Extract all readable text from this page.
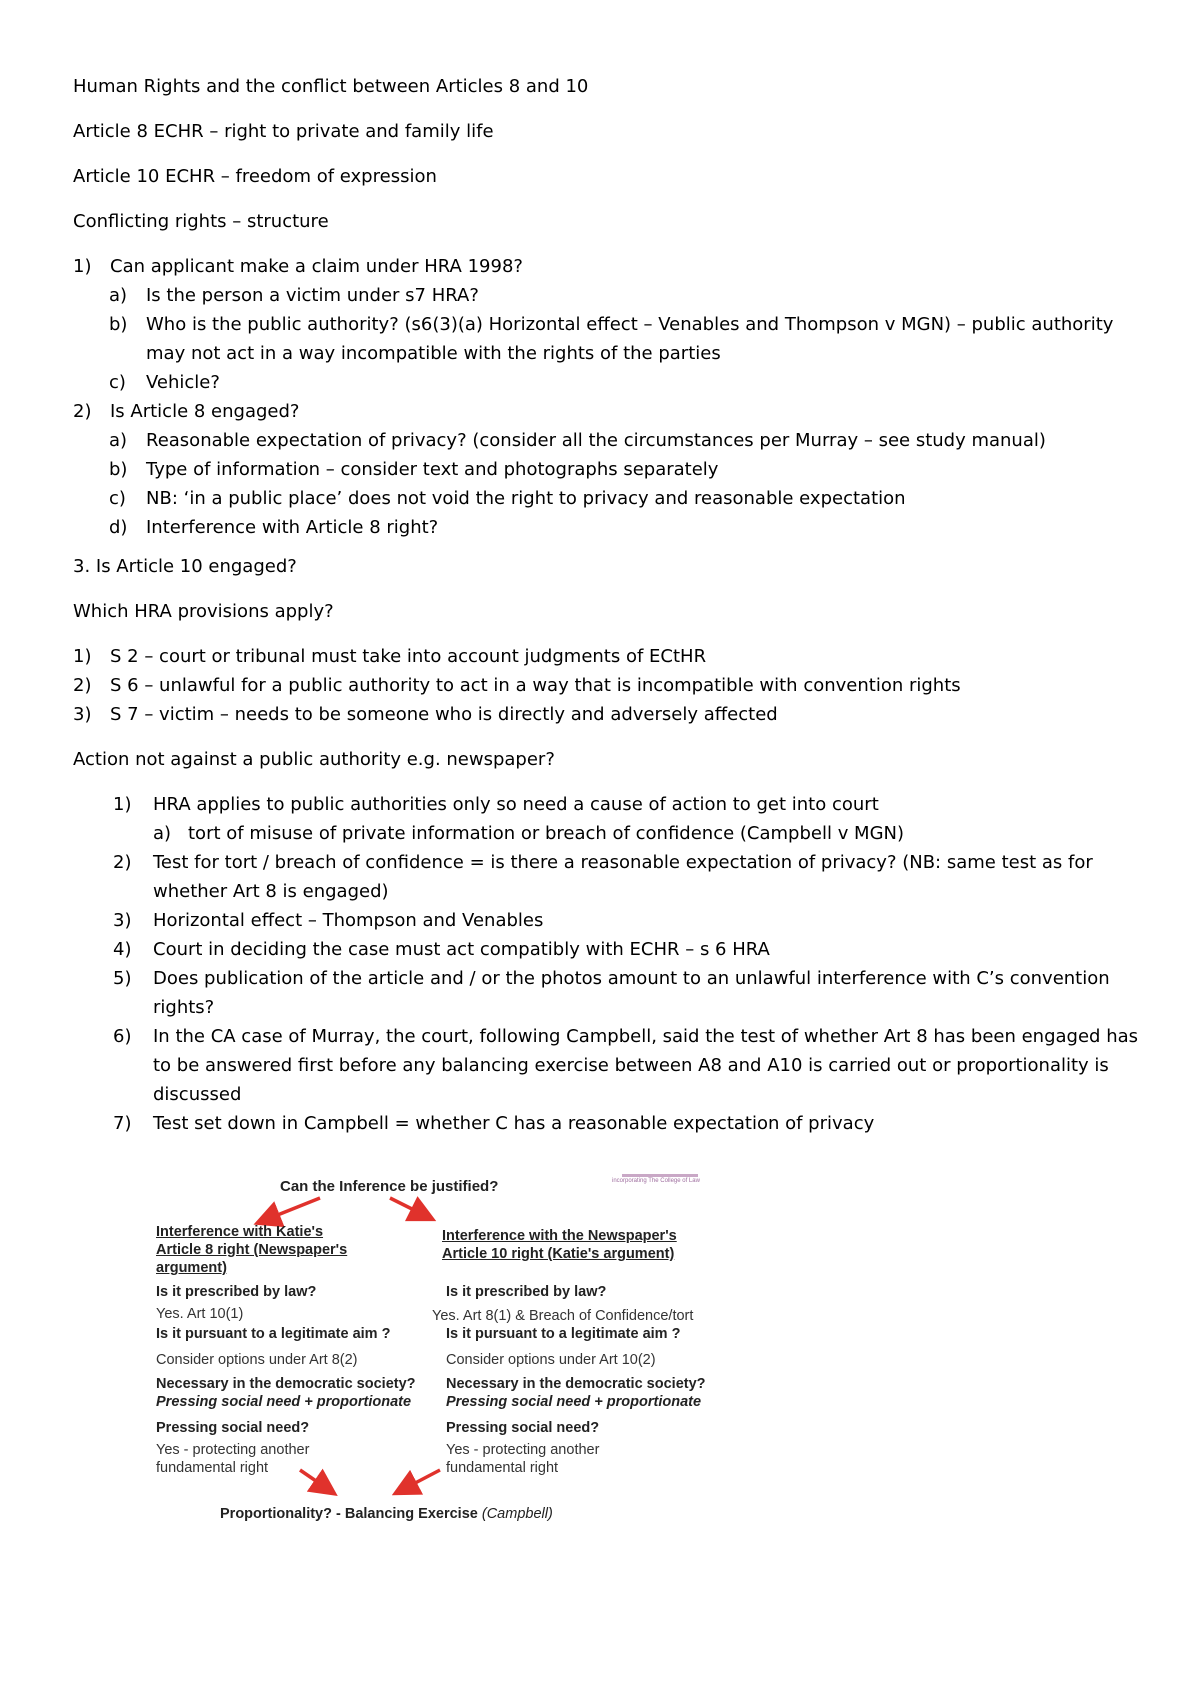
Human Rights and the conflict between Articles 8 and 10

Article 8 ECHR – right to private and family life

Article 10 ECHR – freedom of expression

Conflicting rights – structure

1) Can applicant make a claim under HRA 1998?
a) Is the person a victim under s7 HRA?
b) Who is the public authority? (s6(3)(a) Horizontal effect – Venables and Thompson v MGN) – public authority may not act in a way incompatible with the rights of the parties
c) Vehicle?
2) Is Article 8 engaged?
a) Reasonable expectation of privacy? (consider all the circumstances per Murray – see study manual)
b) Type of information – consider text and photographs separately
c) NB: ‘in a public place’ does not void the right to privacy and reasonable expectation
d) Interference with Article 8 right?

3. Is Article 10 engaged?

Which HRA provisions apply?

1) S 2 – court or tribunal must take into account judgments of ECtHR
2) S 6 – unlawful for a public authority to act in a way that is incompatible with convention rights
3) S 7 – victim – needs to be someone who is directly and adversely affected

Action not against a public authority e.g. newspaper?

1) HRA applies to public authorities only so need a cause of action to get into court
a) tort of misuse of private information or breach of confidence (Campbell v MGN)
2) Test for tort / breach of confidence = is there a reasonable expectation of privacy? (NB: same test as for whether Art 8 is engaged)
3) Horizontal effect – Thompson and Venables
4) Court in deciding the case must act compatibly with ECHR – s 6 HRA
5) Does publication of the article and / or the photos amount to an unlawful interference with C’s convention rights?
6) In the CA case of Murray, the court, following Campbell, said the test of whether Art 8 has been engaged has to be answered first before any balancing exercise between A8 and A10 is carried out or proportionality is discussed
7) Test set down in Campbell = whether C has a reasonable expectation of privacy
Can the Inference be justified?	incorporating The College of Law
Interference with Katie's
Article 8 right (Newspaper's
argument)
Is it prescribed by law?
Yes. Art 10(1)
Is it pursuant to a legitimate aim ?
Consider options under Art 8(2)
Necessary in the democratic society?
Pressing social need + proportionate
Pressing social need?
Yes - protecting another
fundamental right
Interference with the Newspaper's
Article 10 right (Katie's argument)
Is it prescribed by law?
Yes. Art 8(1) & Breach of Confidence/tort
Is it pursuant to a legitimate aim ?
Consider options under Art 10(2)
Necessary in the democratic society?
Pressing social need + proportionate
Pressing social need?
Yes - protecting another
fundamental right
Proportionality? - Balancing Exercise (Campbell)
